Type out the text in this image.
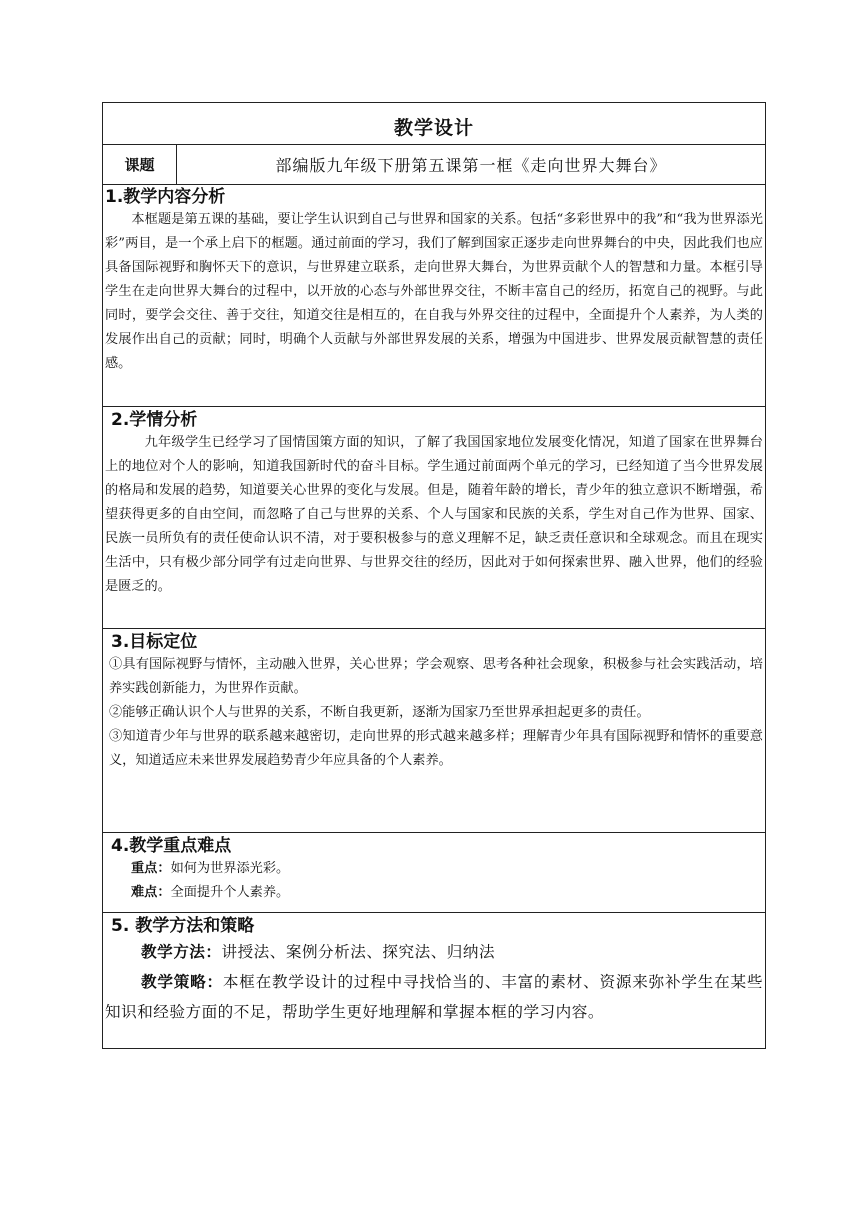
教学设计
课题	部编版九年级下册第五课第一框《走向世界大舞台》
1.教学内容分析

本框题是第五课的基础，要让学生认识到自己与世界和国家的关系。包括“多彩世界中的我”和“我为世界添光彩”两目，是一个承上启下的框题。通过前面的学习，我们了解到国家正逐步走向世界舞台的中央，因此我们也应具备国际视野和胸怀天下的意识，与世界建立联系，走向世界大舞台，为世界贡献个人的智慧和力量。本框引导学生在走向世界大舞台的过程中，以开放的心态与外部世界交往，不断丰富自己的经历，拓宽自己的视野。与此同时，要学会交往、善于交往，知道交往是相互的，在自我与外界交往的过程中，全面提升个人素养，为人类的发展作出自己的贡献；同时，明确个人贡献与外部世界发展的关系，增强为中国进步、世界发展贡献智慧的责任感。

2.学情分析

九年级学生已经学习了国情国策方面的知识，了解了我国国家地位发展变化情况，知道了国家在世界舞台上的地位对个人的影响，知道我国新时代的奋斗目标。学生通过前面两个单元的学习，已经知道了当今世界发展的格局和发展的趋势，知道要关心世界的变化与发展。但是，随着年龄的增长，青少年的独立意识不断增强，希望获得更多的自由空间，而忽略了自己与世界的关系、个人与国家和民族的关系，学生对自己作为世界、国家、民族一员所负有的责任使命认识不清，对于要积极参与的意义理解不足，缺乏责任意识和全球观念。而且在现实生活中，只有极少部分同学有过走向世界、与世界交往的经历，因此对于如何探索世界、融入世界，他们的经验是匮乏的。

3.目标定位

①具有国际视野与情怀，主动融入世界，关心世界；学会观察、思考各种社会现象，积极参与社会实践活动，培养实践创新能力，为世界作贡献。

②能够正确认识个人与世界的关系，不断自我更新，逐渐为国家乃至世界承担起更多的责任。

③知道青少年与世界的联系越来越密切，走向世界的形式越来越多样；理解青少年具有国际视野和情怀的重要意义，知道适应未来世界发展趋势青少年应具备的个人素养。

4.教学重点难点
重点：如何为世界添光彩。
难点：全面提升个人素养。
5. 教学方法和策略

教学方法：讲授法、案例分析法、探究法、归纳法

教学策略：本框在教学设计的过程中寻找恰当的、丰富的素材、资源来弥补学生在某些知识和经验方面的不足，帮助学生更好地理解和掌握本框的学习内容。
